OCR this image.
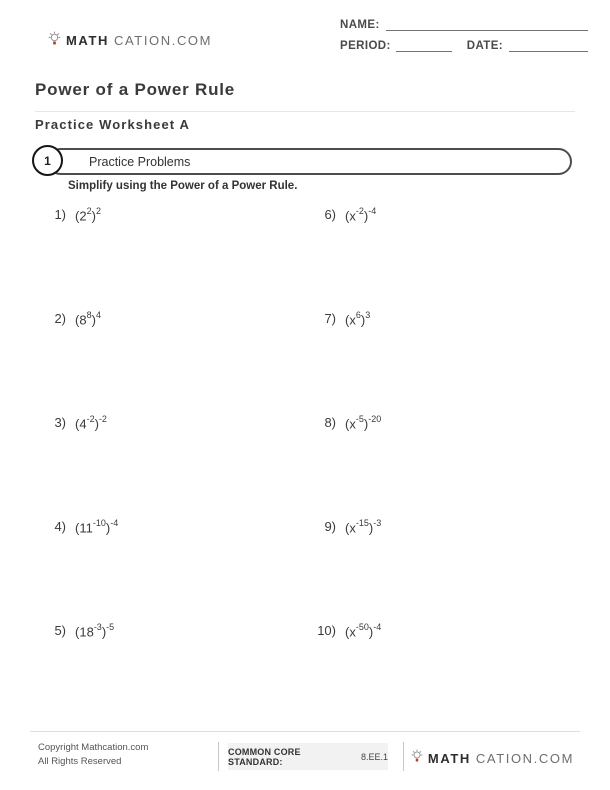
MATH CATION.COM
NAME:
PERIOD:	DATE:
Power of a Power Rule
Practice Worksheet A
Practice Problems
1
Simplify using the Power of a Power Rule.
1) $(2^2)^2$
2) $(8^8)^4$
3) $(4^{-2})^{-2}$
4) $(11^{-10})^{-4}$
5) $(18^{-3})^{-5}$
6) $(x^{-2})^{-4}$
7) $(x^6)^3$
8) $(x^{-5})^{-20}$
9) $(x^{-15})^{-3}$
10) $(x^{-50})^{-4}$
Copyright Mathcation.com
All Rights Reserved
COMMON CORE STANDARD:	8.EE.1	MATH CATION.COM
